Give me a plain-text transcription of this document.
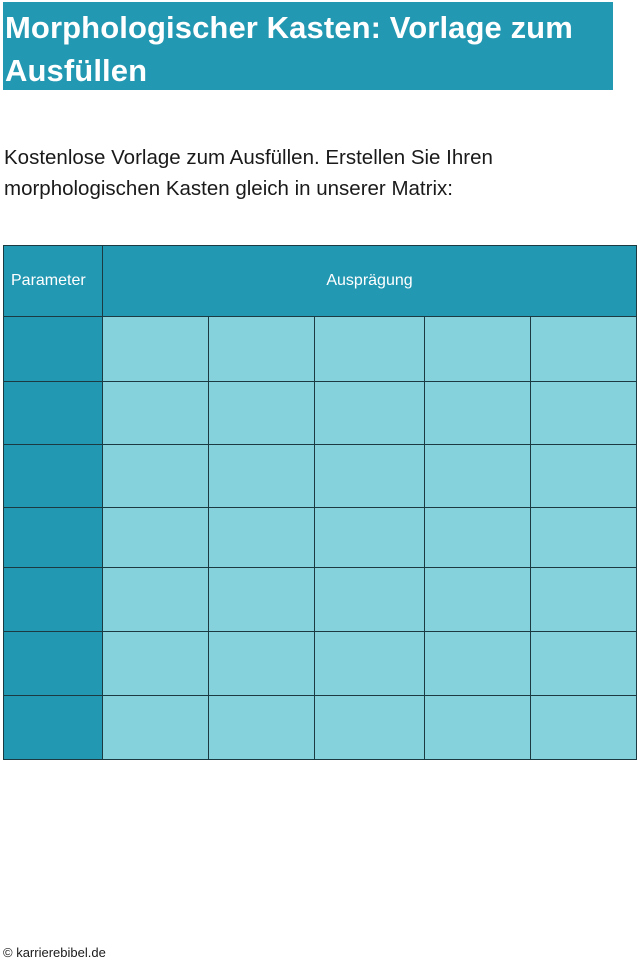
Morphologischer Kasten: Vorlage zum
Ausfüllen

Kostenlose Vorlage zum Ausfüllen. Erstellen Sie Ihren
morphologischen Kasten gleich in unserer Matrix:

Parameter	Ausprägung				

© karrierebibel.de
